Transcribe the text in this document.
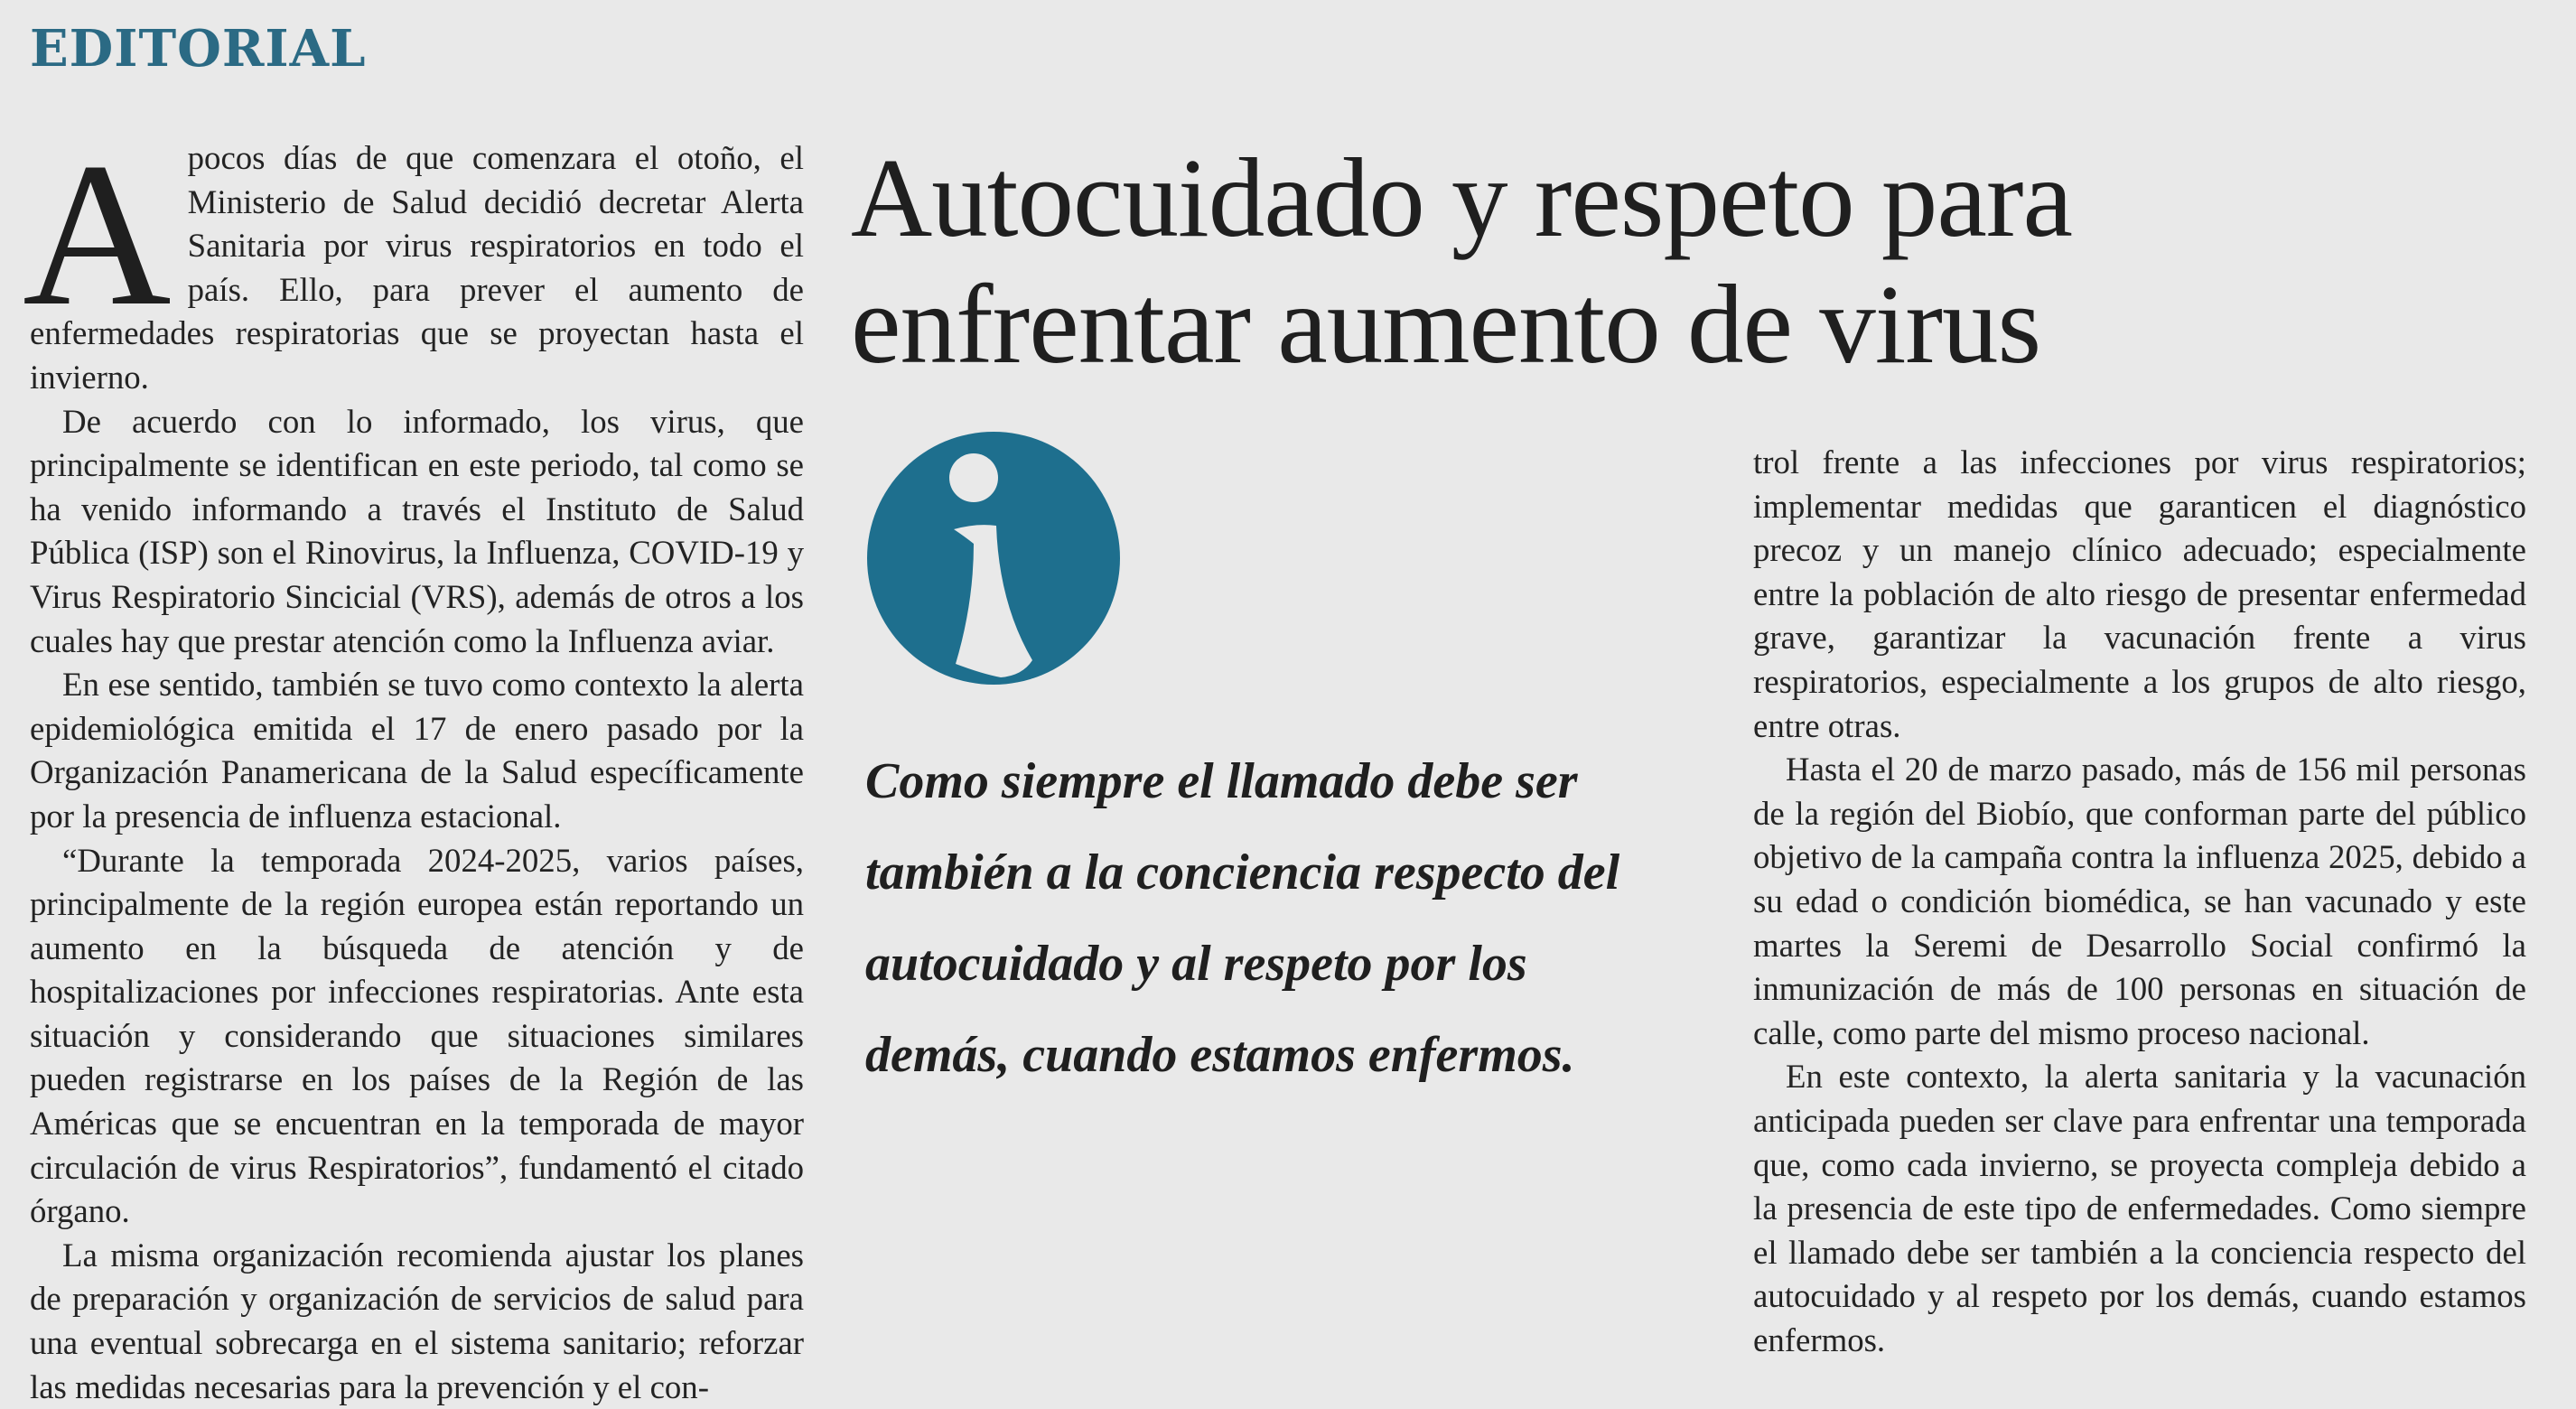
EDITORIAL

Apocos días de que comenzara el otoño, el Ministerio de Salud decidió decretar Alerta Sanitaria por virus respiratorios en todo el país. Ello, para prever el aumento de enfermedades respiratorias que se proyectan hasta el invierno.

De acuerdo con lo informado, los virus, que principalmente se identifican en este periodo, tal como se ha venido informando a través el Instituto de Salud Pública (ISP) son el Rinovirus, la Influenza, COVID-19 y Virus Respiratorio Sincicial (VRS), además de otros a los cuales hay que prestar atención como la Influenza aviar.

En ese sentido, también se tuvo como contexto la alerta epidemiológica emitida el 17 de enero pasado por la Organización Panamericana de la Salud específicamente por la presencia de influenza estacional.

“Durante la temporada 2024-2025, varios países, principalmente de la región europea están reportando un aumento en la búsqueda de atención y de hospitalizaciones por infecciones respiratorias. Ante esta situación y considerando que situaciones similares pueden registrarse en los países de la Región de las Américas que se encuentran en la temporada de mayor circulación de virus Respiratorios”, fundamentó el citado órgano.

La misma organización recomienda ajustar los planes de preparación y organización de servicios de salud para una eventual sobrecarga en el sistema sanitario; reforzar las medidas necesarias para la prevención y el con-

Autocuidado y respeto para enfrentar aumento de virus

Como siempre el llamado debe ser también a la conciencia respecto del autocuidado y al respeto por los demás, cuando estamos enfermos.

trol frente a las infecciones por virus respiratorios; implementar medidas que garanticen el diagnóstico precoz y un manejo clínico adecuado; especialmente entre la población de alto riesgo de presentar enfermedad grave, garantizar la vacunación frente a virus respiratorios, especialmente a los grupos de alto riesgo, entre otras.

Hasta el 20 de marzo pasado, más de 156 mil personas de la región del Biobío, que conforman parte del público objetivo de la campaña contra la influenza 2025, debido a su edad o condición biomédica, se han vacunado y este martes la Seremi de Desarrollo Social confirmó la inmunización de más de 100 personas en situación de calle, como parte del mismo proceso nacional.

En este contexto, la alerta sanitaria y la vacunación anticipada pueden ser clave para enfrentar una temporada que, como cada invierno, se proyecta compleja debido a la presencia de este tipo de enfermedades. Como siempre el llamado debe ser también a la conciencia respecto del autocuidado y al respeto por los demás, cuando estamos enfermos.
